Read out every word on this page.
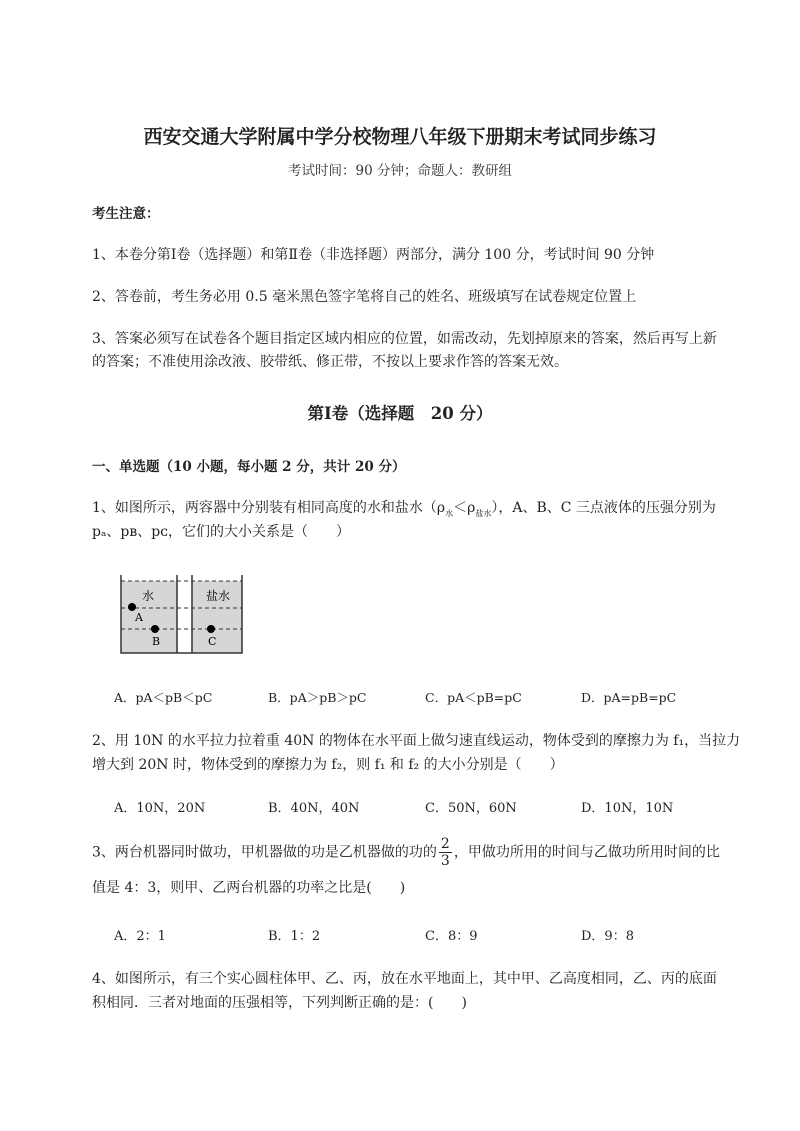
西安交通大学附属中学分校物理八年级下册期末考试同步练习
考试时间：90 分钟；命题人：教研组
考生注意：
1、本卷分第Ⅰ卷（选择题）和第Ⅱ卷（非选择题）两部分，满分 100 分，考试时间 90 分钟
2、答卷前，考生务必用 0.5 毫米黑色签字笔将自己的姓名、班级填写在试卷规定位置上
3、答案必须写在试卷各个题目指定区域内相应的位置，如需改动，先划掉原来的答案，然后再写上新
的答案；不准使用涂改液、胶带纸、修正带，不按以上要求作答的答案无效。
第Ⅰ卷（选择题　20 分）
一、单选题（10 小题，每小题 2 分，共计 20 分）
1、如图所示，两容器中分别装有相同高度的水和盐水$(\rho_水<\rho_{盐水})$，A、B、C 三点液体的压强分别为
pₐ、pʙ、pᴄ，它们的大小关系是（　　）
水	盐水
A
B	C
A．pA＜pB＜pC	B．pA＞pB＞pC	C．pA＜pB=pC	D．pA=pB=pC
2、用 10N 的水平拉力拉着重 40N 的物体在水平面上做匀速直线运动，物体受到的摩擦力为 f₁，当拉力
增大到 20N 时，物体受到的摩擦力为 f₂，则 f₁ 和 f₂ 的大小分别是（　　）
A．10N，20N	B．40N，40N	C．50N，60N	D．10N，10N
3、两台机器同时做功，甲机器做的功是乙机器做的功的 $\frac{2}{3}$ ，甲做功所用的时间与乙做功所用时间的比
值是 4：3，则甲、乙两台机器的功率之比是(　　)
A．2：1	B．1：2	C．8：9	D．9：8
4、如图所示，有三个实心圆柱体甲、乙、丙，放在水平地面上，其中甲、乙高度相同，乙、丙的底面
积相同．三者对地面的压强相等，下列判断正确的是：(　　)
